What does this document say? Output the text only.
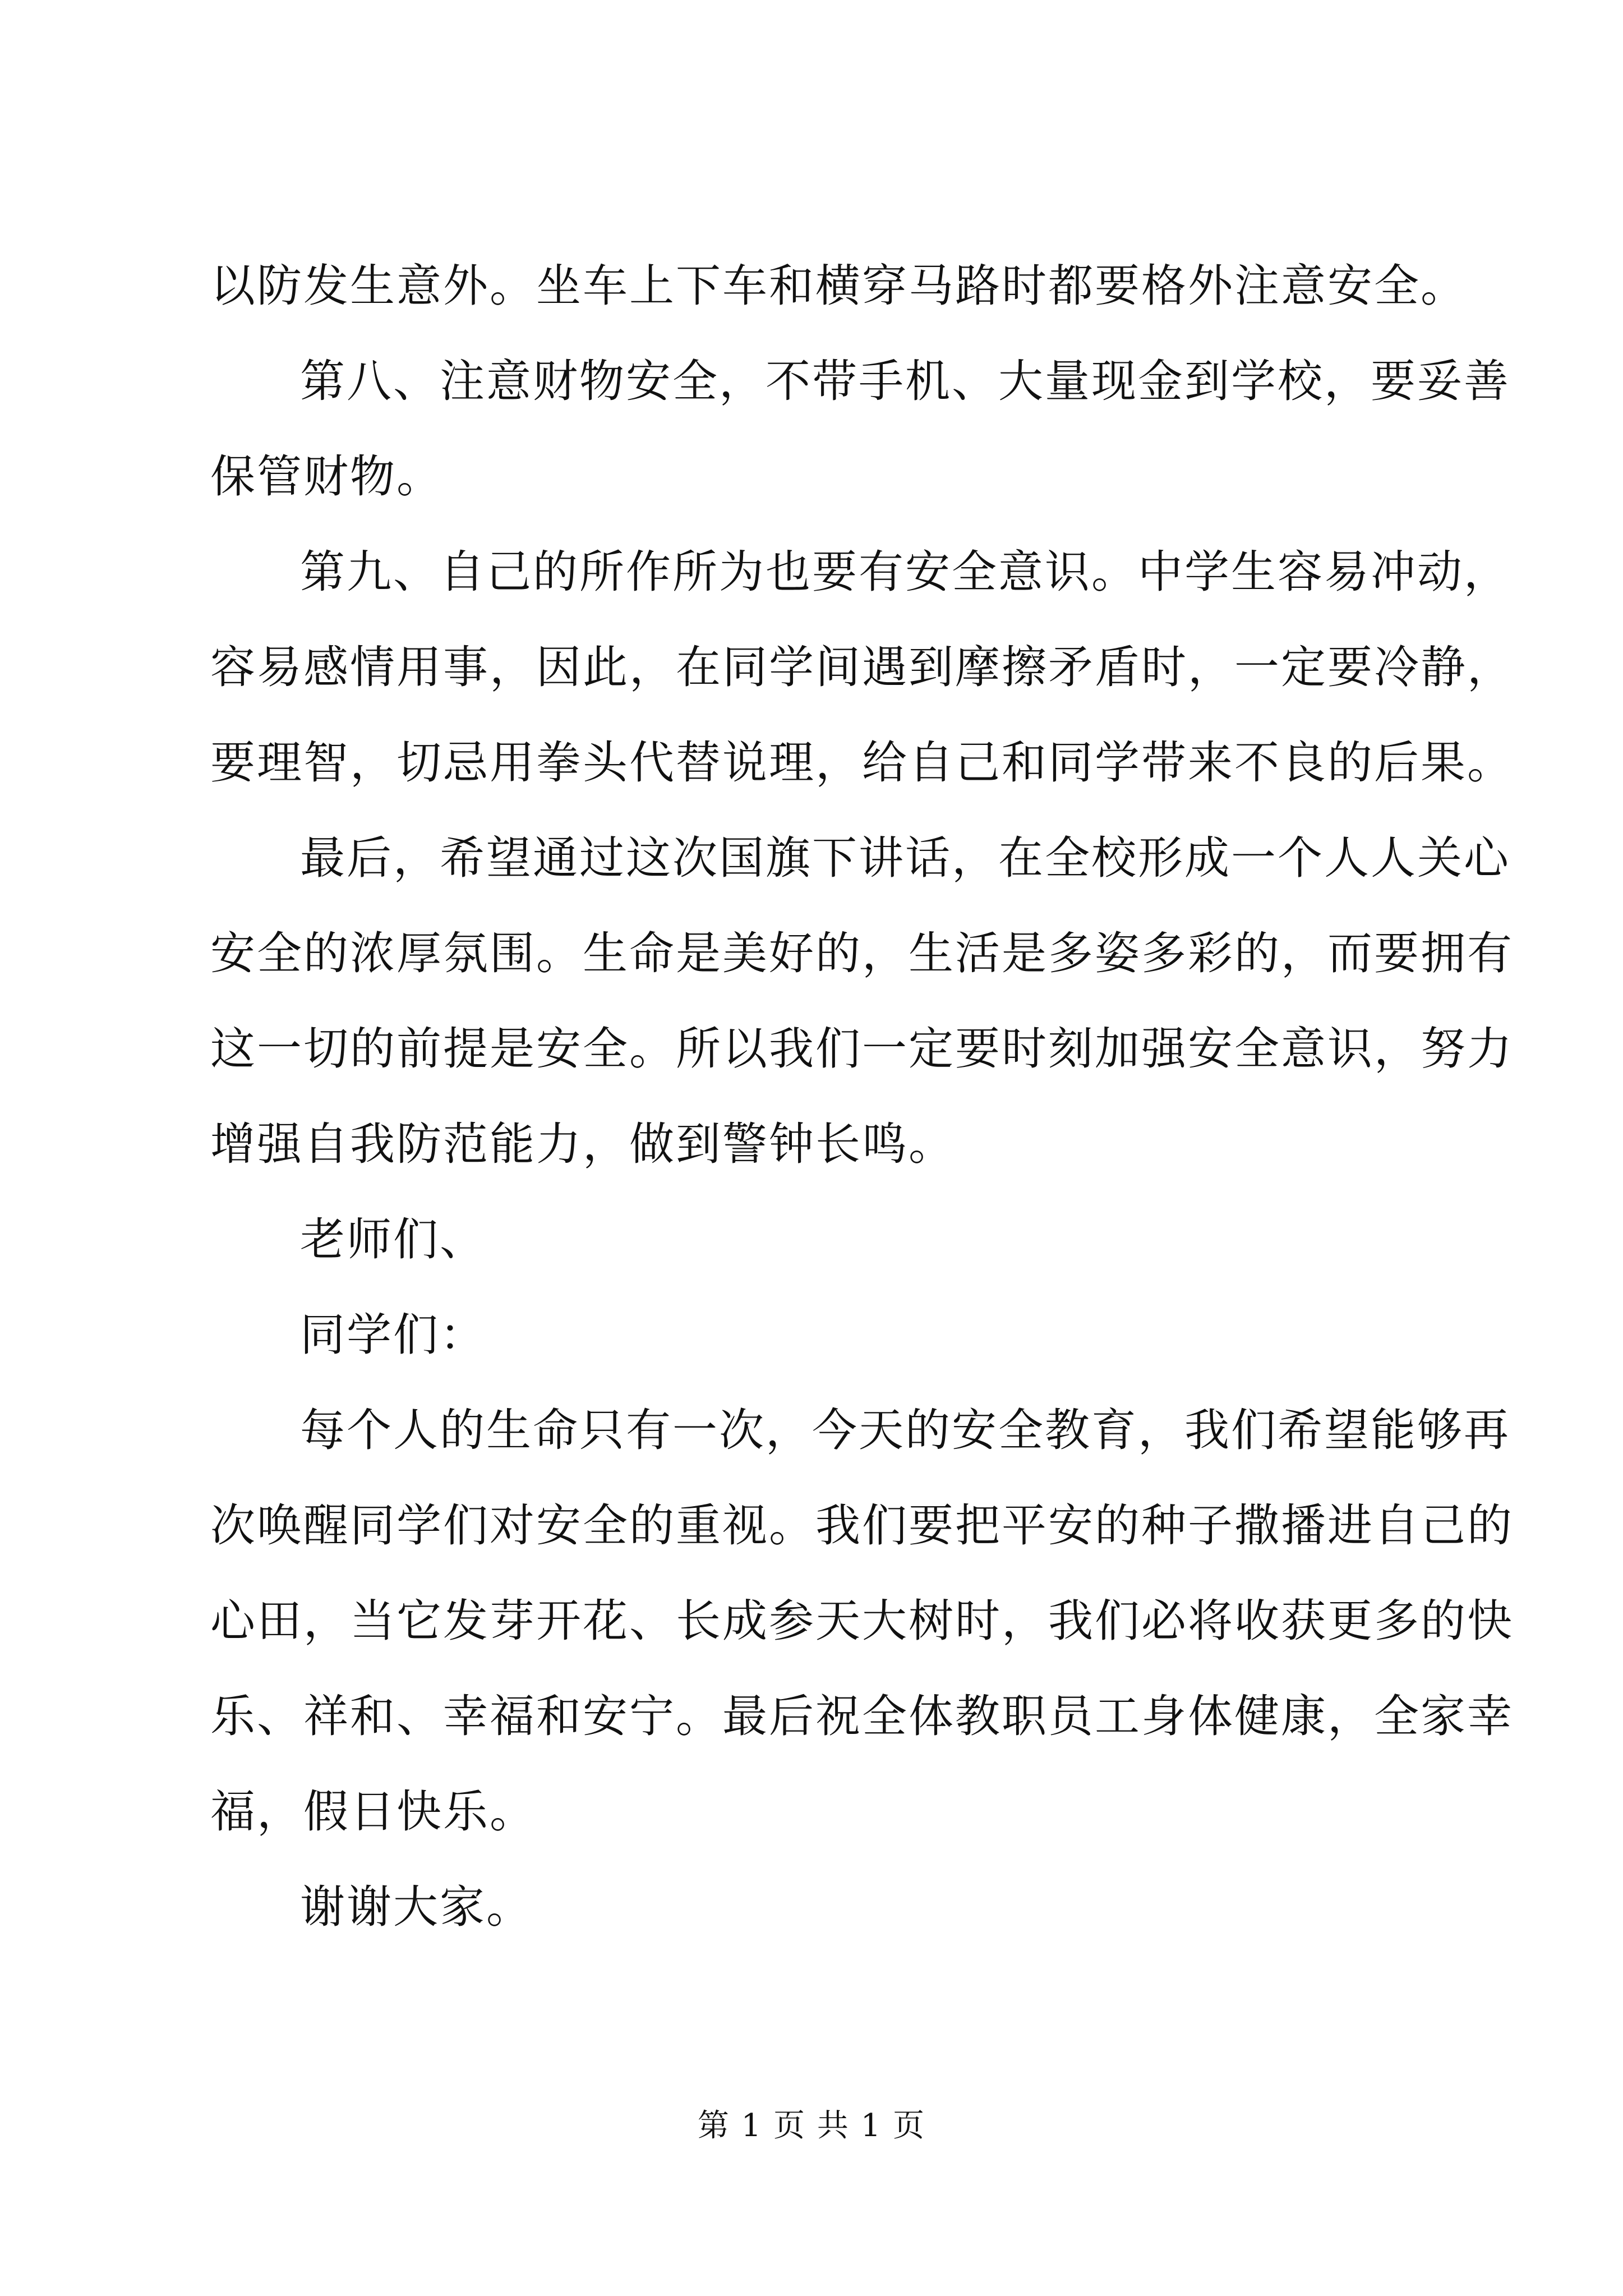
以防发生意外。坐车上下车和横穿马路时都要格外注意安全。
第八、注意财物安全，不带手机、大量现金到学校，要妥善
保管财物。
第九、自己的所作所为也要有安全意识。中学生容易冲动，
容易感情用事，因此，在同学间遇到摩擦矛盾时，一定要冷静，
要理智，切忌用拳头代替说理，给自己和同学带来不良的后果。
最后，希望通过这次国旗下讲话，在全校形成一个人人关心
安全的浓厚氛围。生命是美好的，生活是多姿多彩的，而要拥有
这一切的前提是安全。所以我们一定要时刻加强安全意识，努力
增强自我防范能力，做到警钟长鸣。
老师们、
同学们：
每个人的生命只有一次，今天的安全教育，我们希望能够再
次唤醒同学们对安全的重视。我们要把平安的种子撒播进自己的
心田，当它发芽开花、长成参天大树时，我们必将收获更多的快
乐、祥和、幸福和安宁。最后祝全体教职员工身体健康，全家幸
福，假日快乐。
谢谢大家。
第 1 页 共 1 页
